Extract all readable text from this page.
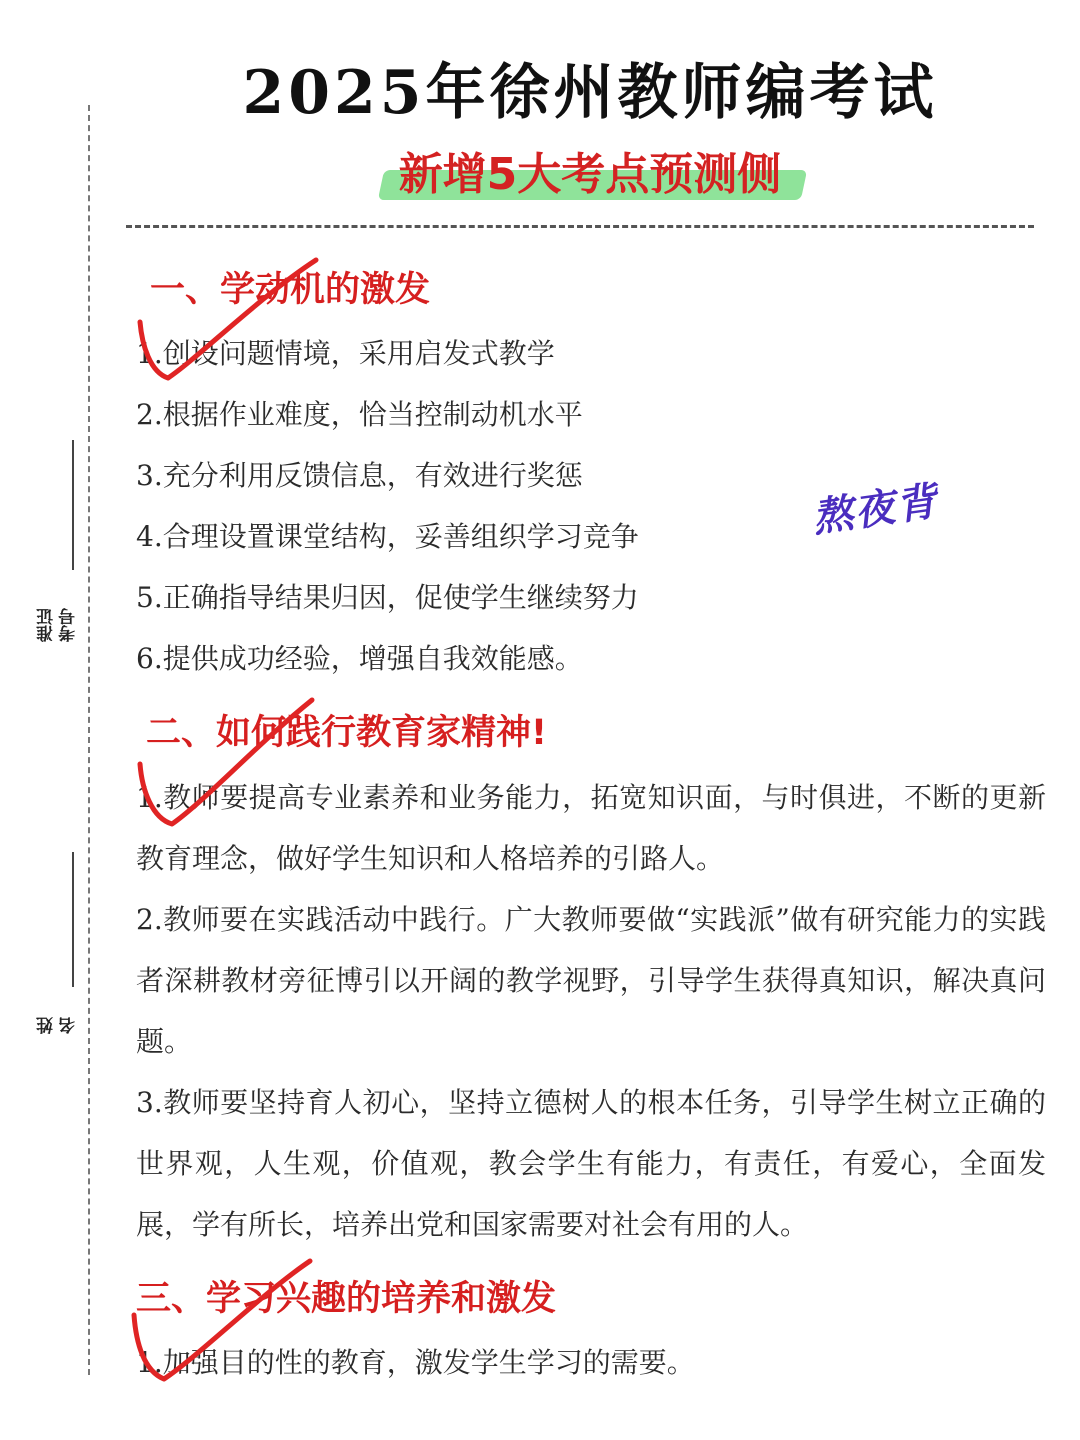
2025年徐州教师编考试
新增5大考点预测侧
准证考号
姓名
一、学动机的激发
1.创设问题情境，采用启发式教学
2.根据作业难度，恰当控制动机水平
3.充分利用反馈信息，有效进行奖惩
4.合理设置课堂结构，妥善组织学习竞争
5.正确指导结果归因，促使学生继续努力
6.提供成功经验，增强自我效能感。
熬夜背
二、如何践行教育家精神!
1.教师要提高专业素养和业务能力，拓宽知识面，与时俱进，不断的更新教育理念，做好学生知识和人格培养的引路人。
2.教师要在实践活动中践行。广大教师要做“实践派”做有研究能力的实践者深耕教材旁征博引以开阔的教学视野，引导学生获得真知识，解决真问题。
3.教师要坚持育人初心，坚持立德树人的根本任务，引导学生树立正确的世界观，人生观，价值观，教会学生有能力，有责任，有爱心，全面发展，学有所长，培养出党和国家需要对社会有用的人。
三、学习兴趣的培养和激发
1.加强目的性的教育，激发学生学习的需要。
